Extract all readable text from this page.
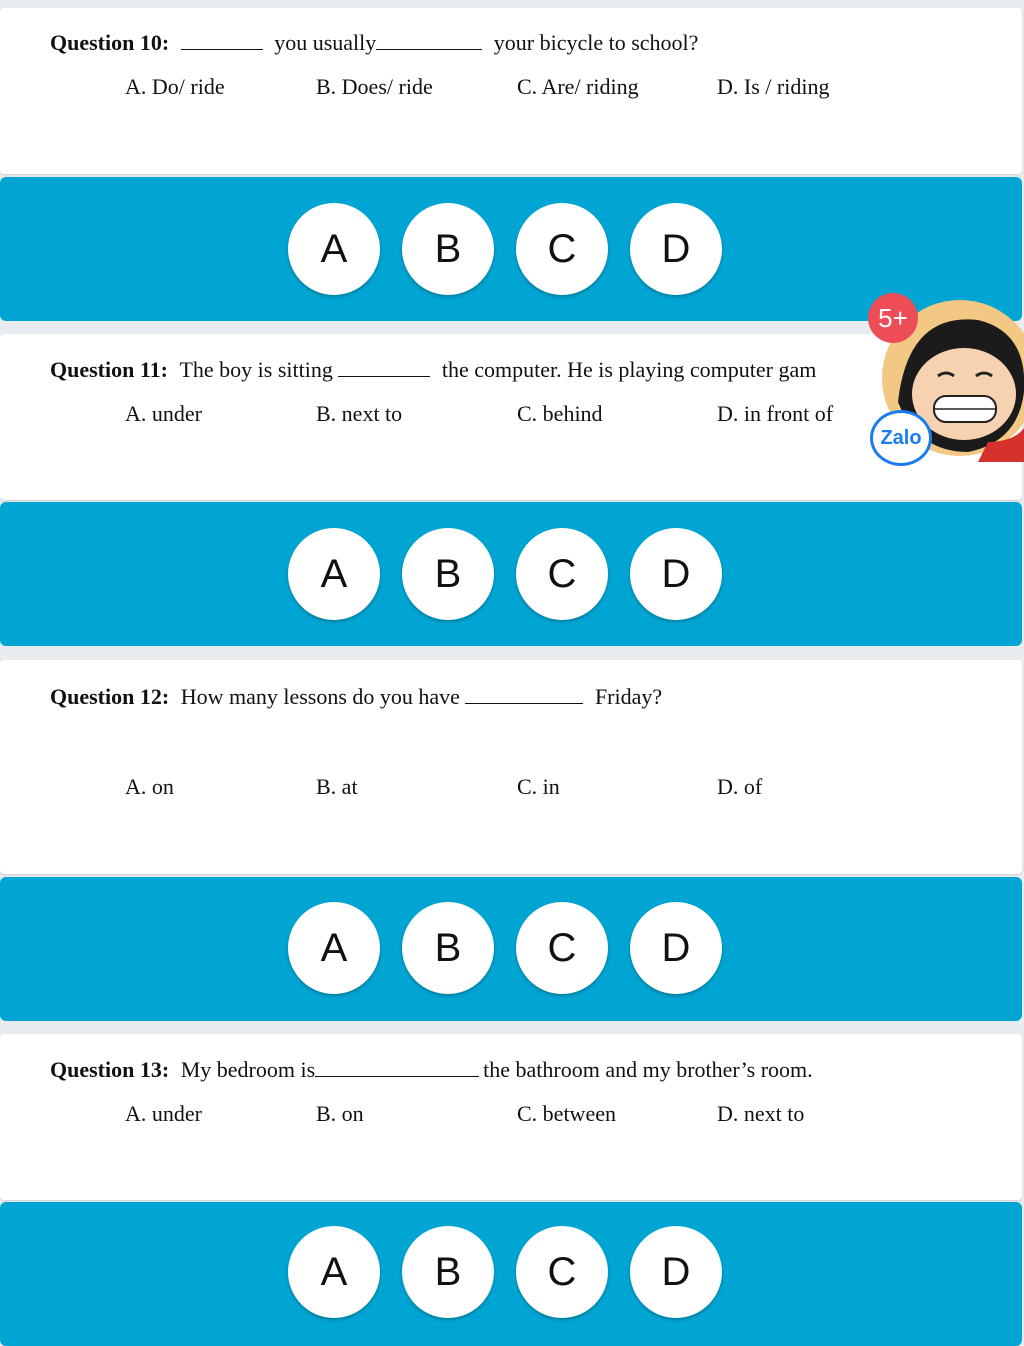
Question 10:	you usually	your bicycle to school?
A. Do/ ride	B. Does/ ride	C. Are/ riding	D. Is / riding
A	B	C	D
Question 11: The boy is sitting	the computer. He is playing computer gam
A. under	B. next to	C. behind	D. in front of
A	B	C	D
Question 12: How many lessons do you have	Friday?
A. on	B. at	C. in	D. of
A	B	C	D
Question 13: My bedroom is	the bathroom and my brother’s room.
A. under	B. on	C. between	D. next to
A	B	C	D
5+
Zalo
